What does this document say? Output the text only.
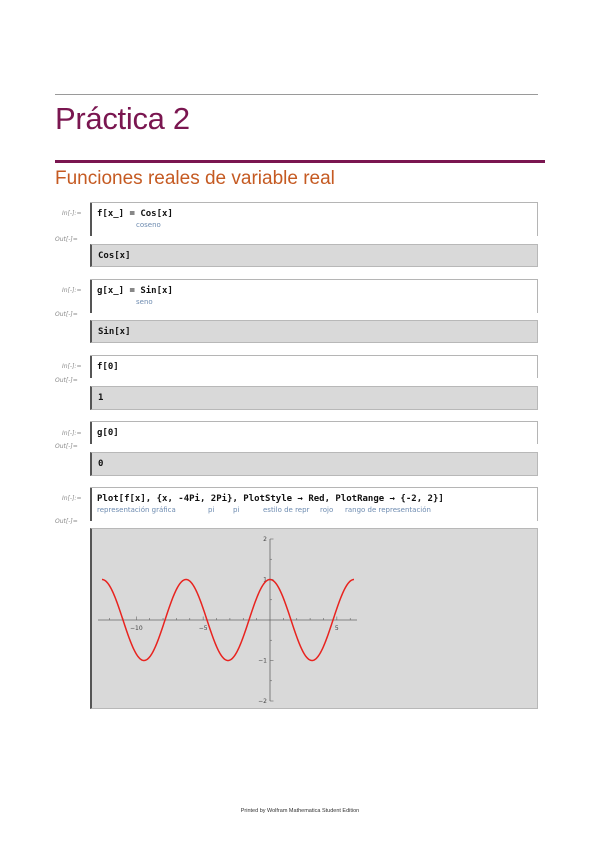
Práctica 2
Funciones reales de variable real
In[-]:= f[x_] = Cos[x]
coseno
Out[-]=
Cos[x]
In[-]:= g[x_] = Sin[x]
seno
Out[-]=
Sin[x]
In[-]:= f[0]
Out[-]=
1
In[-]:= g[0]
Out[-]=
0
In[-]:= Plot[f[x], {x, -4Pi, 2Pi}, PlotStyle → Red, PlotRange → {-2, 2}]
representación gráfica	pi	pi	estilo de repr rojo rango de representación
Out[-]=
−10	−5	5
−2
−1
1
2
Printed by Wolfram Mathematica Student Edition
